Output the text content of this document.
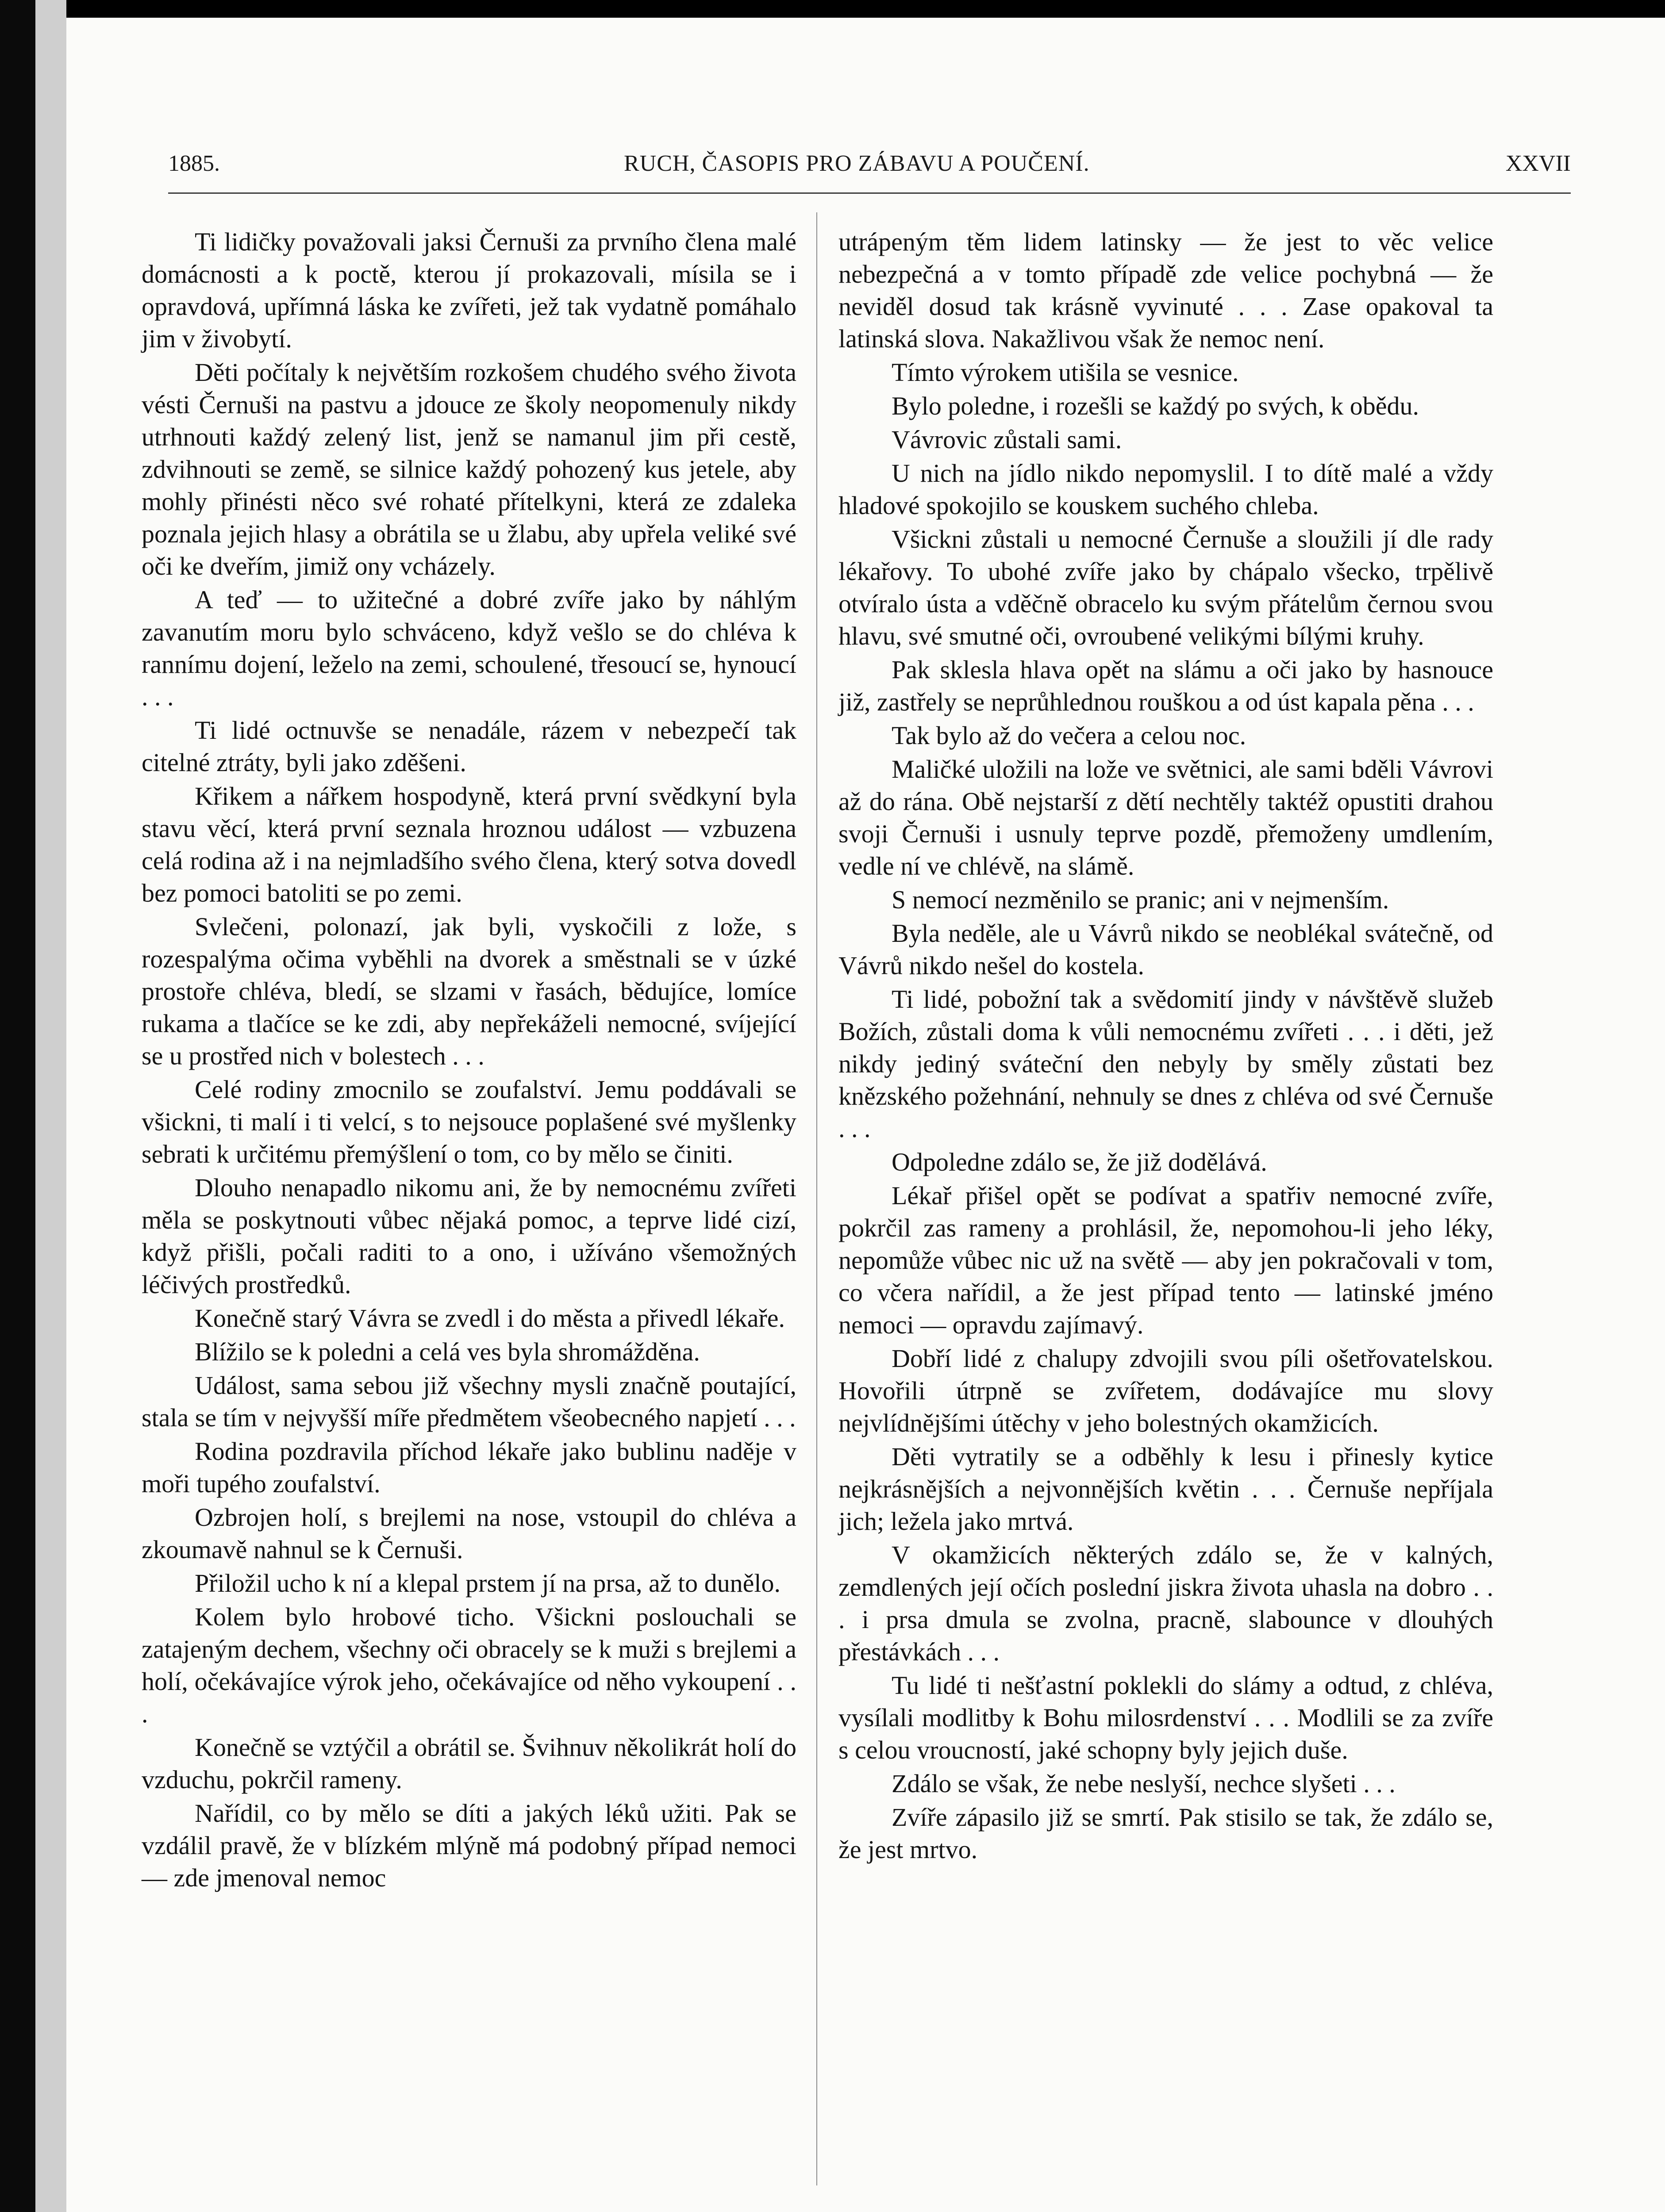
1885.	RUCH, ČASOPIS PRO ZÁBAVU A POUČENÍ.	XXVII

Ti lidičky považovali jaksi Černuši za prvního člena malé domácnosti a k poctě, kterou jí prokazovali, mísila se i opravdová, upřímná láska ke zvířeti, jež tak vydatně pomáhalo jim v živobytí.

Děti počítaly k největším rozkošem chudého svého života vésti Černuši na pastvu a jdouce ze školy neopomenuly nikdy utrhnouti každý zelený list, jenž se namanul jim při cestě, zdvihnouti se země, se silnice každý pohozený kus jetele, aby mohly přinésti něco své rohaté přítelkyni, která ze zdaleka poznala jejich hlasy a obrátila se u žlabu, aby upřela veliké své oči ke dveřím, jimiž ony vcházely.

A teď — to užitečné a dobré zvíře jako by náhlým zavanutím moru bylo schváceno, když vešlo se do chléva k rannímu dojení, leželo na zemi, schoulené, třesoucí se, hynoucí . . .

Ti lidé octnuvše se nenadále, rázem v nebezpečí tak citelné ztráty, byli jako zděšeni.

Křikem a nářkem hospodyně, která první svědkyní byla stavu věcí, která první seznala hroznou událost — vzbuzena celá rodina až i na nejmladšího svého člena, který sotva dovedl bez pomoci batoliti se po zemi.

Svlečeni, polonazí, jak byli, vyskočili z lože, s rozespalýma očima vyběhli na dvorek a směstnali se v úzké prostoře chléva, bledí, se slzami v řasách, bědujíce, lomíce rukama a tlačíce se ke zdi, aby nepřekáželi nemocné, svíjející se u prostřed nich v bolestech . . .

Celé rodiny zmocnilo se zoufalství. Jemu poddávali se všickni, ti malí i ti velcí, s to nejsouce poplašené své myšlenky sebrati k určitému přemýšlení o tom, co by mělo se činiti.

Dlouho nenapadlo nikomu ani, že by nemocnému zvířeti měla se poskytnouti vůbec nějaká pomoc, a teprve lidé cizí, když přišli, počali raditi to a ono, i užíváno všemožných léčivých prostředků.

Konečně starý Vávra se zvedl i do města a přivedl lékaře.

Blížilo se k poledni a celá ves byla shromážděna.

Událost, sama sebou již všechny mysli značně poutající, stala se tím v nejvyšší míře předmětem všeobecného napjetí . . .

Rodina pozdravila příchod lékaře jako bublinu naděje v moři tupého zoufalství.

Ozbrojen holí, s brejlemi na nose, vstoupil do chléva a zkoumavě nahnul se k Černuši.

Přiložil ucho k ní a klepal prstem jí na prsa, až to dunělo.

Kolem bylo hrobové ticho. Všickni poslouchali se zatajeným dechem, všechny oči obracely se k muži s brejlemi a holí, očekávajíce výrok jeho, očekávajíce od něho vykoupení . . .

Konečně se vztýčil a obrátil se. Švihnuv několikrát holí do vzduchu, pokrčil rameny.

Nařídil, co by mělo se díti a jakých léků užiti. Pak se vzdálil pravě, že v blízkém mlýně má podobný případ nemoci — zde jmenoval nemoc

utrápeným těm lidem latinsky — že jest to věc velice nebezpečná a v tomto případě zde velice pochybná — že neviděl dosud tak krásně vyvinuté . . . Zase opakoval ta latinská slova. Nakažlivou však že nemoc není.

Tímto výrokem utišila se vesnice.

Bylo poledne, i rozešli se každý po svých, k obědu.

Vávrovic zůstali sami.

U nich na jídlo nikdo nepomyslil. I to dítě malé a vždy hladové spokojilo se kouskem suchého chleba.

Všickni zůstali u nemocné Černuše a sloužili jí dle rady lékařovy. To ubohé zvíře jako by chápalo všecko, trpělivě otvíralo ústa a vděčně obracelo ku svým přátelům černou svou hlavu, své smutné oči, ovroubené velikými bílými kruhy.

Pak sklesla hlava opět na slámu a oči jako by hasnouce již, zastřely se neprůhlednou rouškou a od úst kapala pěna . . .

Tak bylo až do večera a celou noc.

Maličké uložili na lože ve světnici, ale sami bděli Vávrovi až do rána. Obě nejstarší z dětí nechtěly taktéž opustiti drahou svoji Černuši i usnuly teprve pozdě, přemoženy umdlením, vedle ní ve chlévě, na slámě.

S nemocí nezměnilo se pranic; ani v nejmenším.

Byla neděle, ale u Vávrů nikdo se neoblékal svátečně, od Vávrů nikdo nešel do kostela.

Ti lidé, pobožní tak a svědomití jindy v návštěvě služeb Božích, zůstali doma k vůli nemocnému zvířeti . . . i děti, jež nikdy jediný sváteční den nebyly by směly zůstati bez knězského požehnání, nehnuly se dnes z chléva od své Černuše . . .

Odpoledne zdálo se, že již dodělává.

Lékař přišel opět se podívat a spatřiv nemocné zvíře, pokrčil zas rameny a prohlásil, že, nepomohou-li jeho léky, nepomůže vůbec nic už na světě — aby jen pokračovali v tom, co včera nařídil, a že jest případ tento — latinské jméno nemoci — opravdu zajímavý.

Dobří lidé z chalupy zdvojili svou píli ošetřovatelskou. Hovořili útrpně se zvířetem, dodávajíce mu slovy nejvlídnějšími útěchy v jeho bolestných okamžicích.

Děti vytratily se a odběhly k lesu i přinesly kytice nejkrásnějších a nejvonnějších květin . . . Černuše nepříjala jich; ležela jako mrtvá.

V okamžicích některých zdálo se, že v kalných, zemdlených její očích poslední jiskra života uhasla na dobro . . . i prsa dmula se zvolna, pracně, slabounce v dlouhých přestávkách . . .

Tu lidé ti nešťastní poklekli do slámy a odtud, z chléva, vysílali modlitby k Bohu milosrdenství . . . Modlili se za zvíře s celou vroucností, jaké schopny byly jejich duše.

Zdálo se však, že nebe neslyší, nechce slyšeti . . .

Zvíře zápasilo již se smrtí. Pak stisilo se tak, že zdálo se, že jest mrtvo.
